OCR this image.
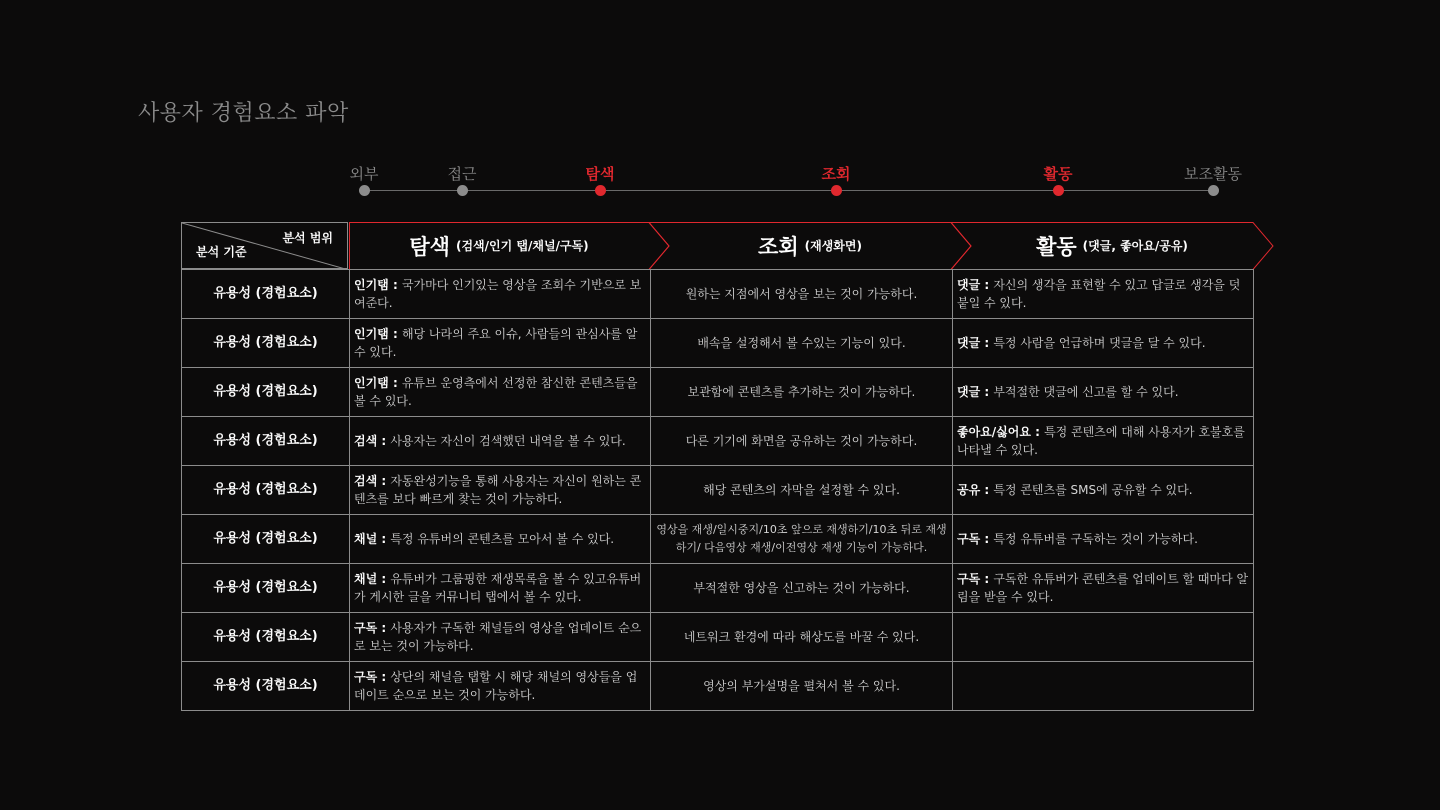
사용자 경험요소 파악
외부	접근	탐색	조회	활동	보조활동
분석 범위
분석 기준	탐색 (검색/인기 탭/채널/구독)	조회 (재생화면)	활동 (댓글, 좋아요/공유)
유용성 (경험요소)	인기탬 : 국가마다 인기있는 영상을 조회수 기반으로 보여준다.	원하는 지점에서 영상을 보는 것이 가능하다.	댓글 : 자신의 생각을 표현할 수 있고 답글로 생각을 덧붙일 수 있다.
유용성 (경험요소)	인기탬 : 해당 나라의 주요 이슈, 사람들의 관심사를 알 수 있다.	배속을 설정해서 볼 수있는 기능이 있다.	댓글 : 특정 사람을 언급하며 댓글을 달 수 있다.
유용성 (경험요소)	인기탬 : 유튜브 운영측에서 선정한 참신한 콘텐츠들을 볼 수 있다.	보관함에 콘텐츠를 추가하는 것이 가능하다.	댓글 : 부적절한 댓글에 신고를 할 수 있다.
유용성 (경험요소)	검색 : 사용자는 자신이 검색했던 내역을 볼 수 있다.	다른 기기에 화면을 공유하는 것이 가능하다.	좋아요/싫어요 : 특정 콘텐츠에 대해 사용자가 호불호를 나타낼 수 있다.
유용성 (경험요소)	검색 : 자동완성기능을 통해 사용자는 자신이 원하는 콘텐츠를 보다 빠르게 찾는 것이 가능하다.	해당 콘텐츠의 자막을 설정할 수 있다.	공유 : 특정 콘텐츠를 SMS에 공유할 수 있다.
유용성 (경험요소)	채널 : 특정 유튜버의 콘텐츠를 모아서 볼 수 있다.	영상을 재생/일시중지/10초 앞으로 재생하기/10초 뒤로 재생하기/ 다음영상 재생/이전영상 재생 기능이 가능하다.	구독 : 특정 유튜버를 구독하는 것이 가능하다.
유용성 (경험요소)	채널 : 유튜버가 그룹핑한 재생목록을 볼 수 있고유튜버가 게시한 글을 커뮤니티 탭에서 볼 수 있다.	부적절한 영상을 신고하는 것이 가능하다.	구독 : 구독한 유튜버가 콘텐츠를 업데이트 할 때마다 알림을 받을 수 있다.
유용성 (경험요소)	구독 : 사용자가 구독한 채널들의 영상을 업데이트 순으로 보는 것이 가능하다.	네트워크 환경에 따라 해상도를 바꿀 수 있다.	
유용성 (경험요소)	구독 : 상단의 채널을 탭할 시 해당 채널의 영상들을 업데이트 순으로 보는 것이 가능하다.	영상의 부가설명을 펼쳐서 볼 수 있다.	
